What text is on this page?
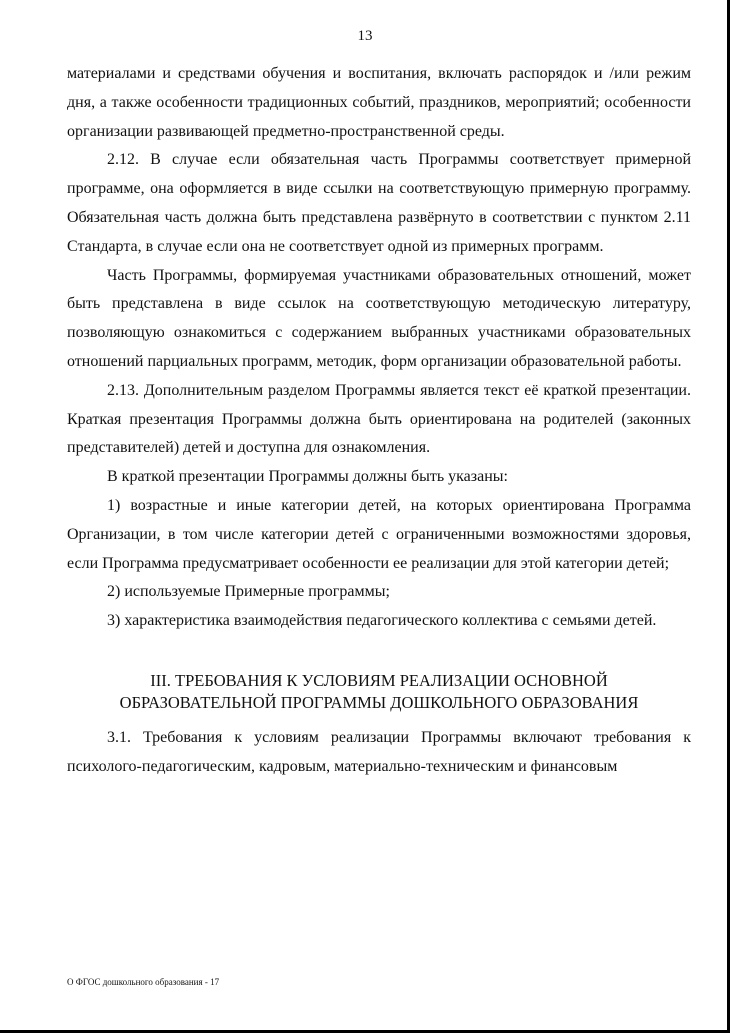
13

материалами и средствами обучения и воспитания, включать распорядок и /или режим дня, а также особенности традиционных событий, праздников, мероприятий; особенности организации развивающей предметно-пространственной среды.

2.12. В случае если обязательная часть Программы соответствует примерной программе, она оформляется в виде ссылки на соответствующую примерную программу. Обязательная часть должна быть представлена развёрнуто в соответствии с пунктом 2.11 Стандарта, в случае если она не соответствует одной из примерных программ.

Часть Программы, формируемая участниками образовательных отношений, может быть представлена в виде ссылок на соответствующую методическую литературу, позволяющую ознакомиться с содержанием выбранных участниками образовательных отношений парциальных программ, методик, форм организации образовательной работы.

2.13. Дополнительным разделом Программы является текст её краткой презентации. Краткая презентация Программы должна быть ориентирована на родителей (законных представителей) детей и доступна для ознакомления.

В краткой презентации Программы должны быть указаны:

1) возрастные и иные категории детей, на которых ориентирована Программа Организации, в том числе категории детей с ограниченными возможностями здоровья, если Программа предусматривает особенности ее реализации для этой категории детей;

2) используемые Примерные программы;

3) характеристика взаимодействия педагогического коллектива с семьями детей.

III. ТРЕБОВАНИЯ К УСЛОВИЯМ РЕАЛИЗАЦИИ ОСНОВНОЙ
ОБРАЗОВАТЕЛЬНОЙ ПРОГРАММЫ ДОШКОЛЬНОГО ОБРАЗОВАНИЯ

3.1. Требования к условиям реализации Программы включают требования к психолого-педагогическим, кадровым, материально-техническим и финансовым

О ФГОС дошкольного образования - 17
